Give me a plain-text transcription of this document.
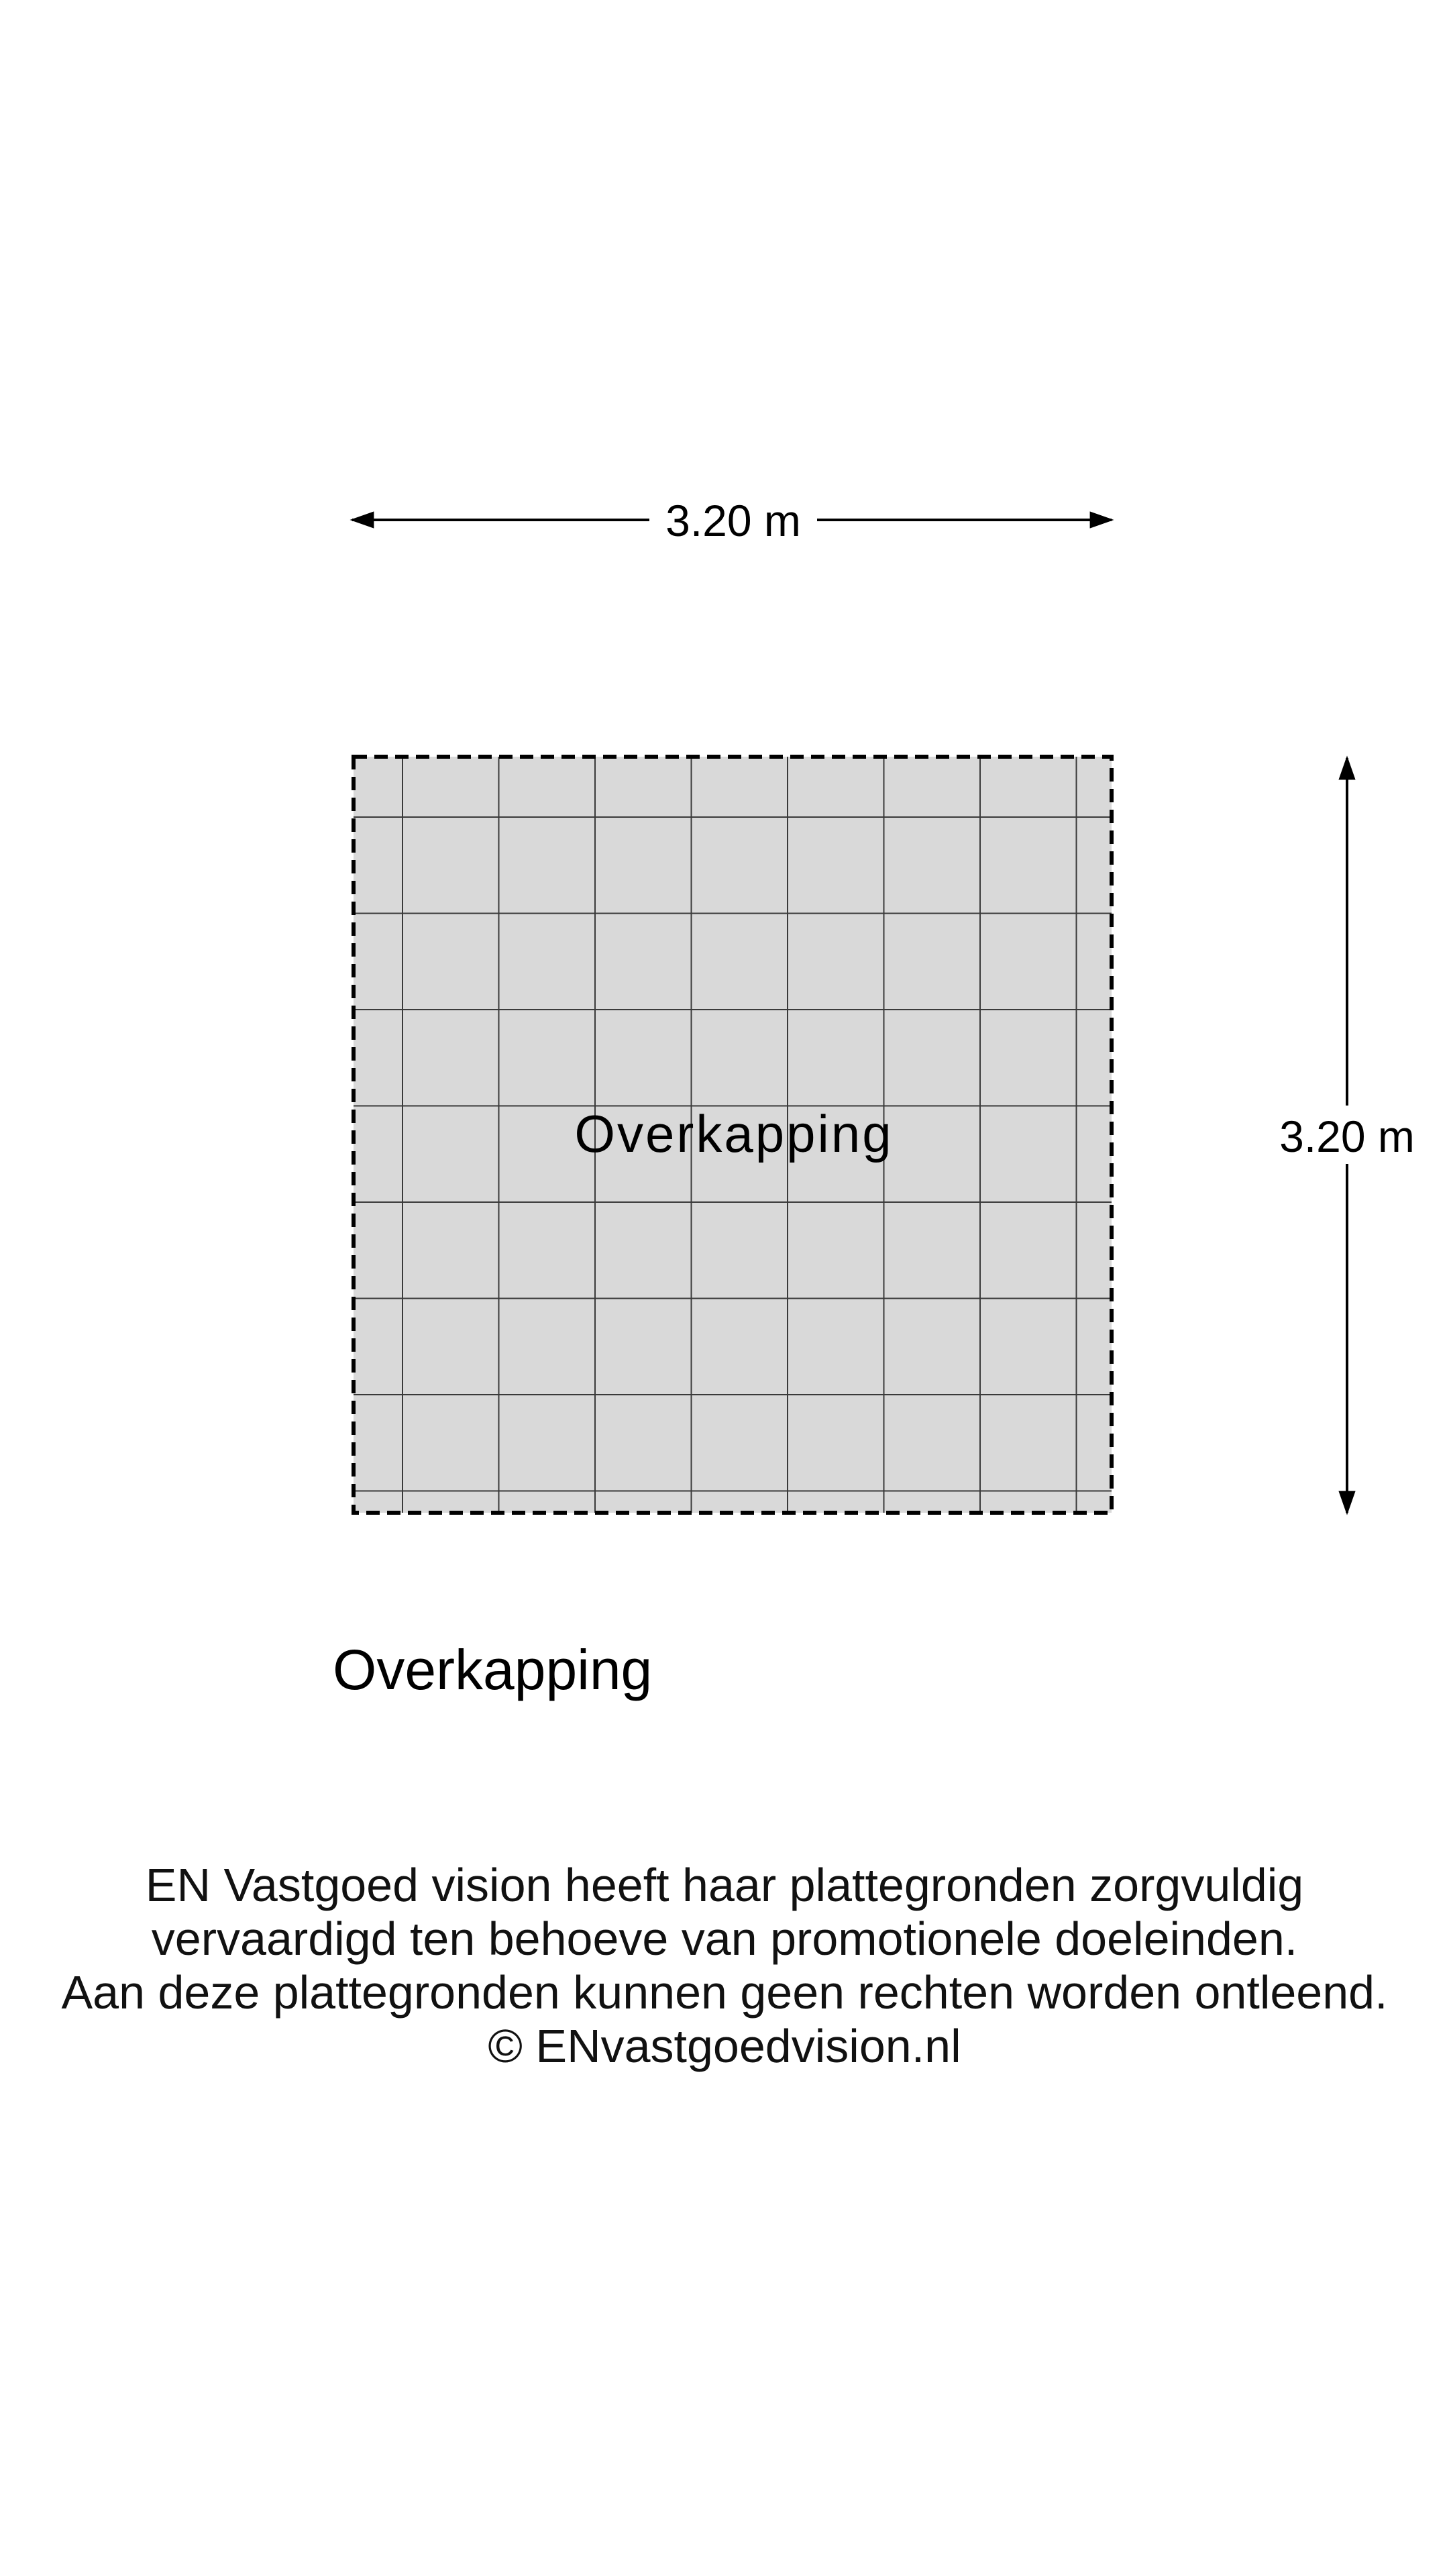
3.20 m
Overkapping	3.20 m
Overkapping
EN Vastgoed vision heeft haar plattegronden zorgvuldig
vervaardigd ten behoeve van promotionele doeleinden.
Aan deze plattegronden kunnen geen rechten worden ontleend.
© ENvastgoedvision.nl
